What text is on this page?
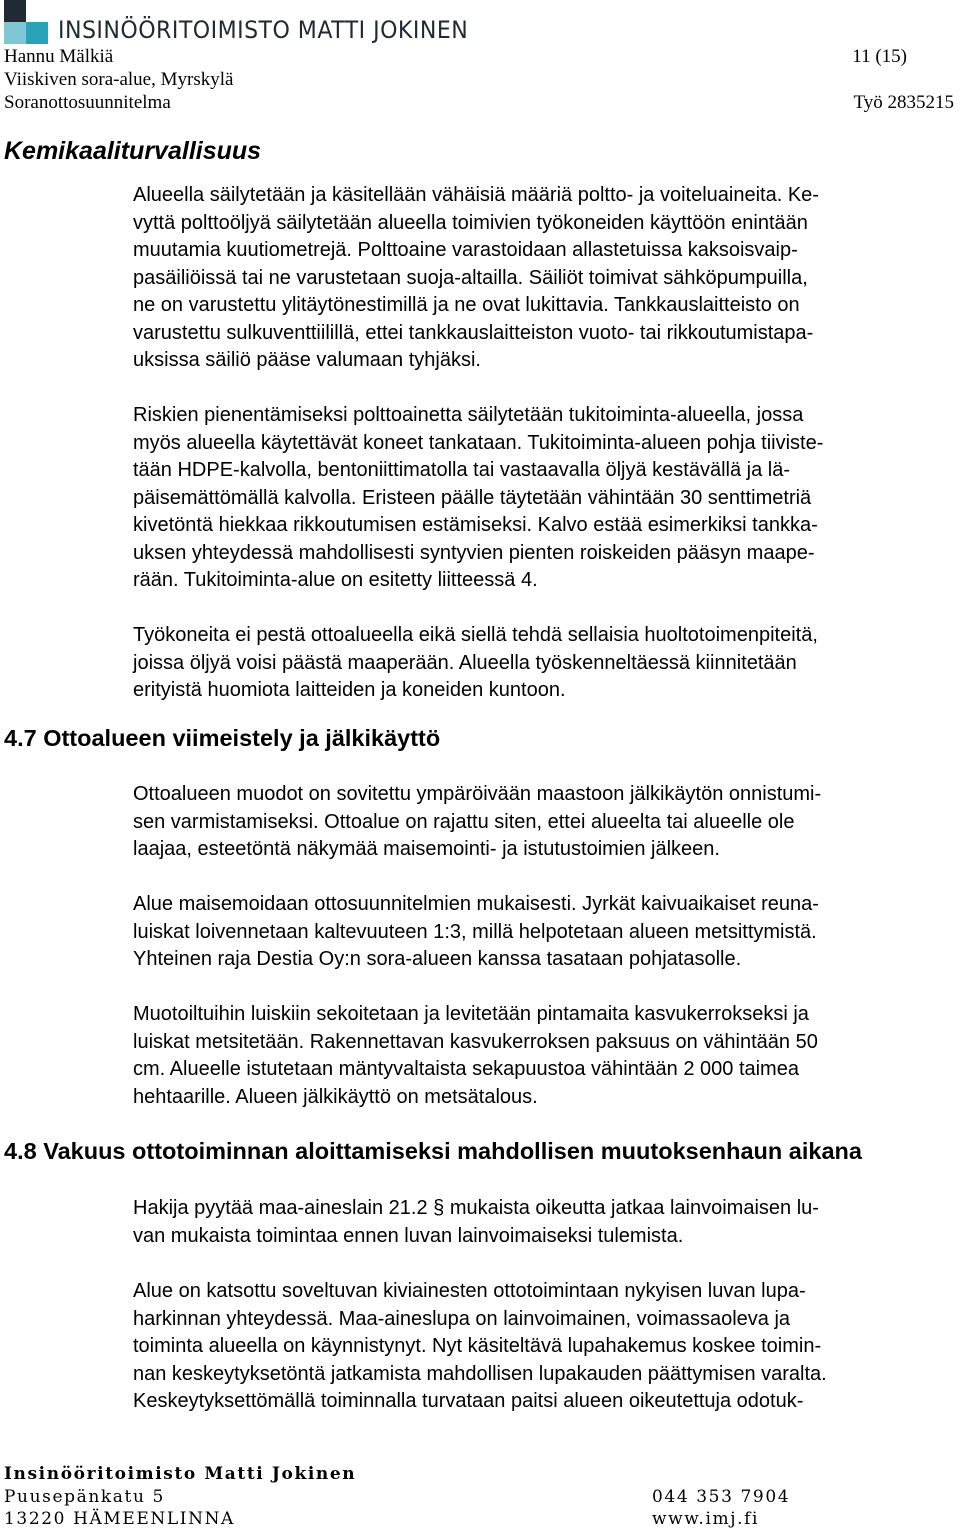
INSINÖÖRITOIMISTO MATTI JOKINEN
Hannu Mälkiä	11 (15)
Viiskiven sora-alue, Myrskylä
Soranottosuunnitelma	Työ 2835215
Kemikaaliturvallisuus
Alueella säilytetään ja käsitellään vähäisiä määriä poltto- ja voiteluaineita. Ke-
vyttä polttoöljyä säilytetään alueella toimivien työkoneiden käyttöön enintään
muutamia kuutiometrejä. Polttoaine varastoidaan allastetuissa kaksoisvaip-
pasäiliöissä tai ne varustetaan suoja-altailla. Säiliöt toimivat sähköpumpuilla,
ne on varustettu ylitäytönestimillä ja ne ovat lukittavia. Tankkauslaitteisto on
varustettu sulkuventtiilillä, ettei tankkauslaitteiston vuoto- tai rikkoutumistapa-
uksissa säiliö pääse valumaan tyhjäksi.
Riskien pienentämiseksi polttoainetta säilytetään tukitoiminta-alueella, jossa
myös alueella käytettävät koneet tankataan. Tukitoiminta-alueen pohja tiiviste-
tään HDPE-kalvolla, bentoniittimatolla tai vastaavalla öljyä kestävällä ja lä-
päisemättömällä kalvolla. Eristeen päälle täytetään vähintään 30 senttimetriä
kivetöntä hiekkaa rikkoutumisen estämiseksi. Kalvo estää esimerkiksi tankka-
uksen yhteydessä mahdollisesti syntyvien pienten roiskeiden pääsyn maape-
rään. Tukitoiminta-alue on esitetty liitteessä 4.
Työkoneita ei pestä ottoalueella eikä siellä tehdä sellaisia huoltotoimenpiteitä,
joissa öljyä voisi päästä maaperään. Alueella työskenneltäessä kiinnitetään
erityistä huomiota laitteiden ja koneiden kuntoon.
4.7 Ottoalueen viimeistely ja jälkikäyttö
Ottoalueen muodot on sovitettu ympäröivään maastoon jälkikäytön onnistumi-
sen varmistamiseksi. Ottoalue on rajattu siten, ettei alueelta tai alueelle ole
laajaa, esteetöntä näkymää maisemointi- ja istutustoimien jälkeen.
Alue maisemoidaan ottosuunnitelmien mukaisesti. Jyrkät kaivuaikaiset reuna-
luiskat loivennetaan kaltevuuteen 1:3, millä helpotetaan alueen metsittymistä.
Yhteinen raja Destia Oy:n sora-alueen kanssa tasataan pohjatasolle.
Muotoiltuihin luiskiin sekoitetaan ja levitetään pintamaita kasvukerrokseksi ja
luiskat metsitetään. Rakennettavan kasvukerroksen paksuus on vähintään 50
cm. Alueelle istutetaan mäntyvaltaista sekapuustoa vähintään 2 000 taimea
hehtaarille. Alueen jälkikäyttö on metsätalous.
4.8 Vakuus ottotoiminnan aloittamiseksi mahdollisen muutoksenhaun aikana
Hakija pyytää maa-aineslain 21.2 § mukaista oikeutta jatkaa lainvoimaisen lu-
van mukaista toimintaa ennen luvan lainvoimaiseksi tulemista.
Alue on katsottu soveltuvan kiviainesten ottotoimintaan nykyisen luvan lupa-
harkinnan yhteydessä. Maa-aineslupa on lainvoimainen, voimassaoleva ja
toiminta alueella on käynnistynyt. Nyt käsiteltävä lupahakemus koskee toimin-
nan keskeytyksetöntä jatkamista mahdollisen lupakauden päättymisen varalta.
Keskeytyksettömällä toiminnalla turvataan paitsi alueen oikeutettuja odotuk-
Insinööritoimisto Matti Jokinen
Puusepänkatu 5
13220 HÄMEENLINNA
044 353 7904
www.imj.fi
